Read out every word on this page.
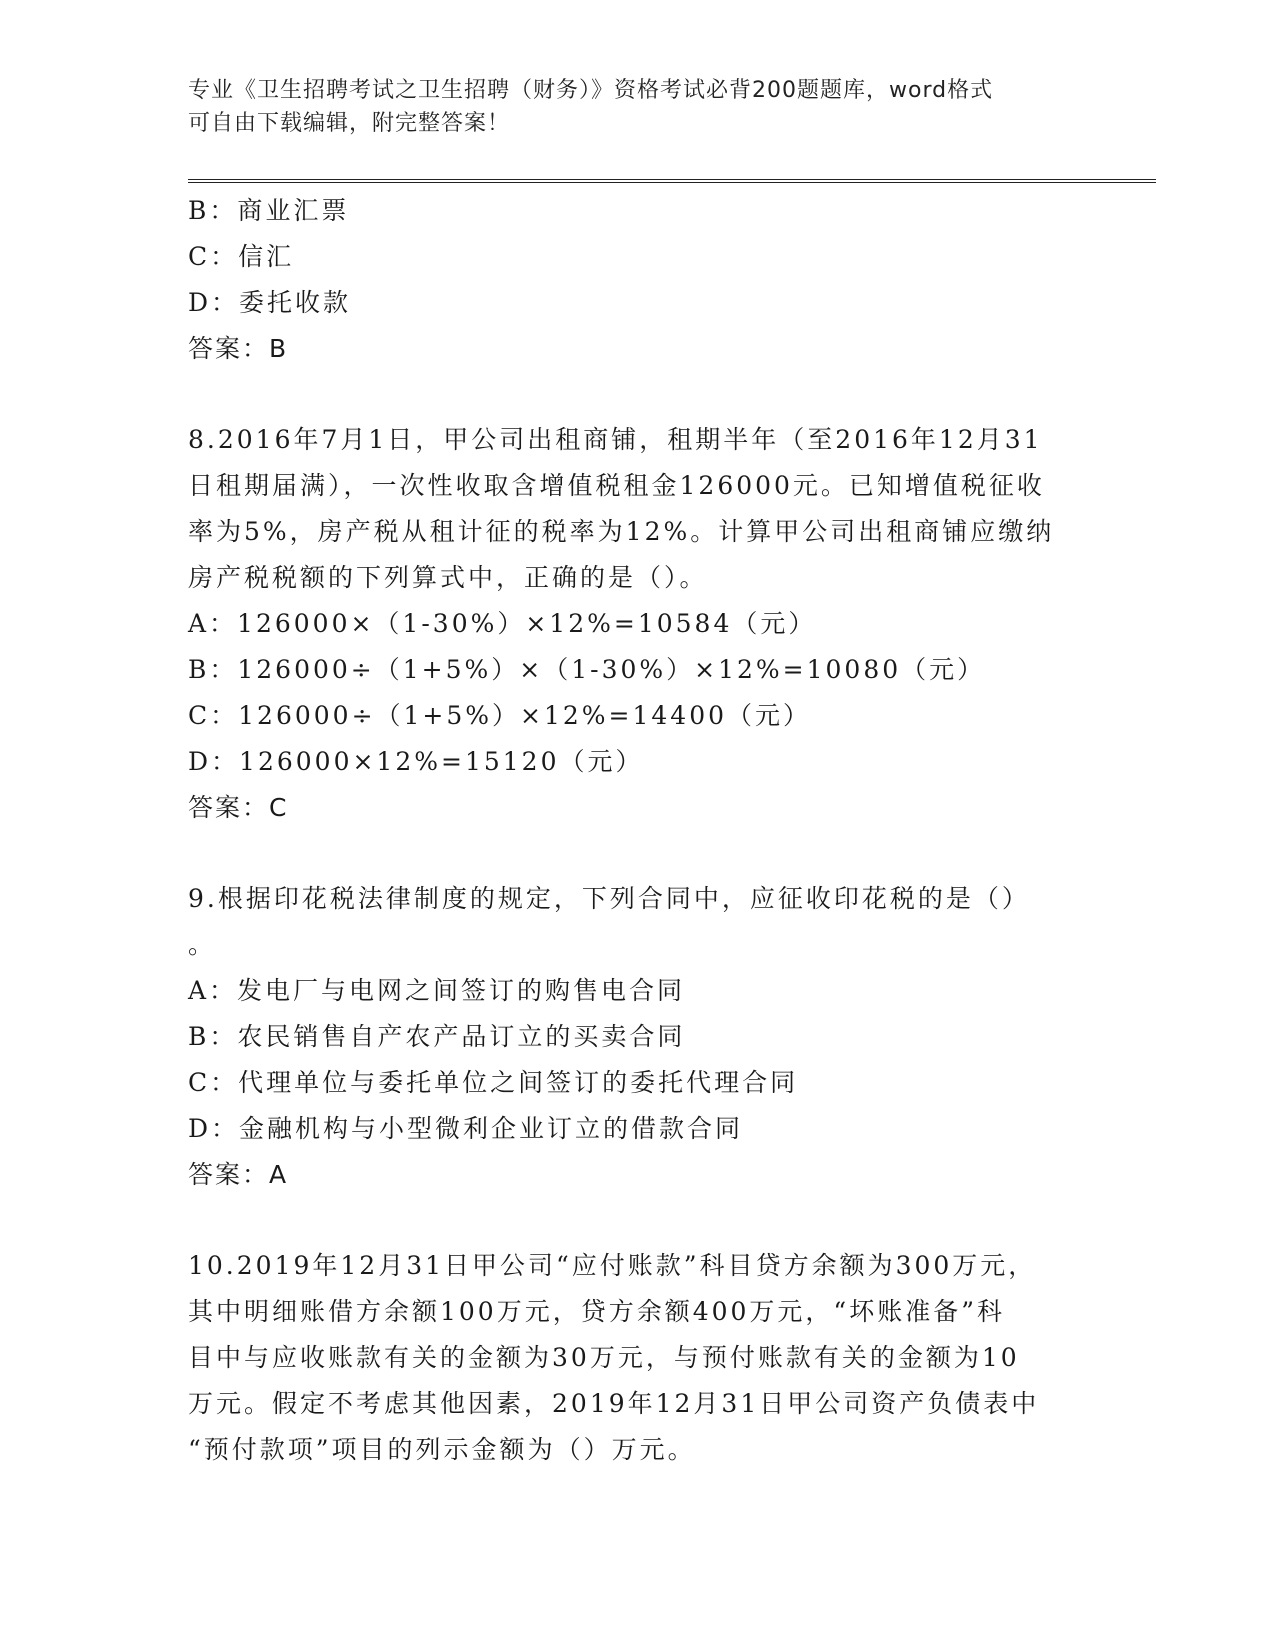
专业《卫生招聘考试之卫生招聘（财务）》资格考试必背200题题库，word格式
可自由下载编辑，附完整答案！
B：商业汇票
C：信汇
D：委托收款
答案：B
8.2016年7月1日，甲公司出租商铺，租期半年（至2016年12月31
日租期届满），一次性收取含增值税租金126000元。已知增值税征收
率为5%，房产税从租计征的税率为12%。计算甲公司出租商铺应缴纳
房产税税额的下列算式中，正确的是（）。
A：126000×（1-30%）×12%=10584（元）
B：126000÷（1+5%）×（1-30%）×12%=10080（元）
C：126000÷（1+5%）×12%=14400（元）
D：126000×12%=15120（元）
答案：C
9.根据印花税法律制度的规定，下列合同中，应征收印花税的是（）
。
A：发电厂与电网之间签订的购售电合同
B：农民销售自产农产品订立的买卖合同
C：代理单位与委托单位之间签订的委托代理合同
D：金融机构与小型微利企业订立的借款合同
答案：A
10.2019年12月31日甲公司“应付账款”科目贷方余额为300万元，
其中明细账借方余额100万元，贷方余额400万元，“坏账准备”科
目中与应收账款有关的金额为30万元，与预付账款有关的金额为10
万元。假定不考虑其他因素，2019年12月31日甲公司资产负债表中
“预付款项”项目的列示金额为（）万元。
